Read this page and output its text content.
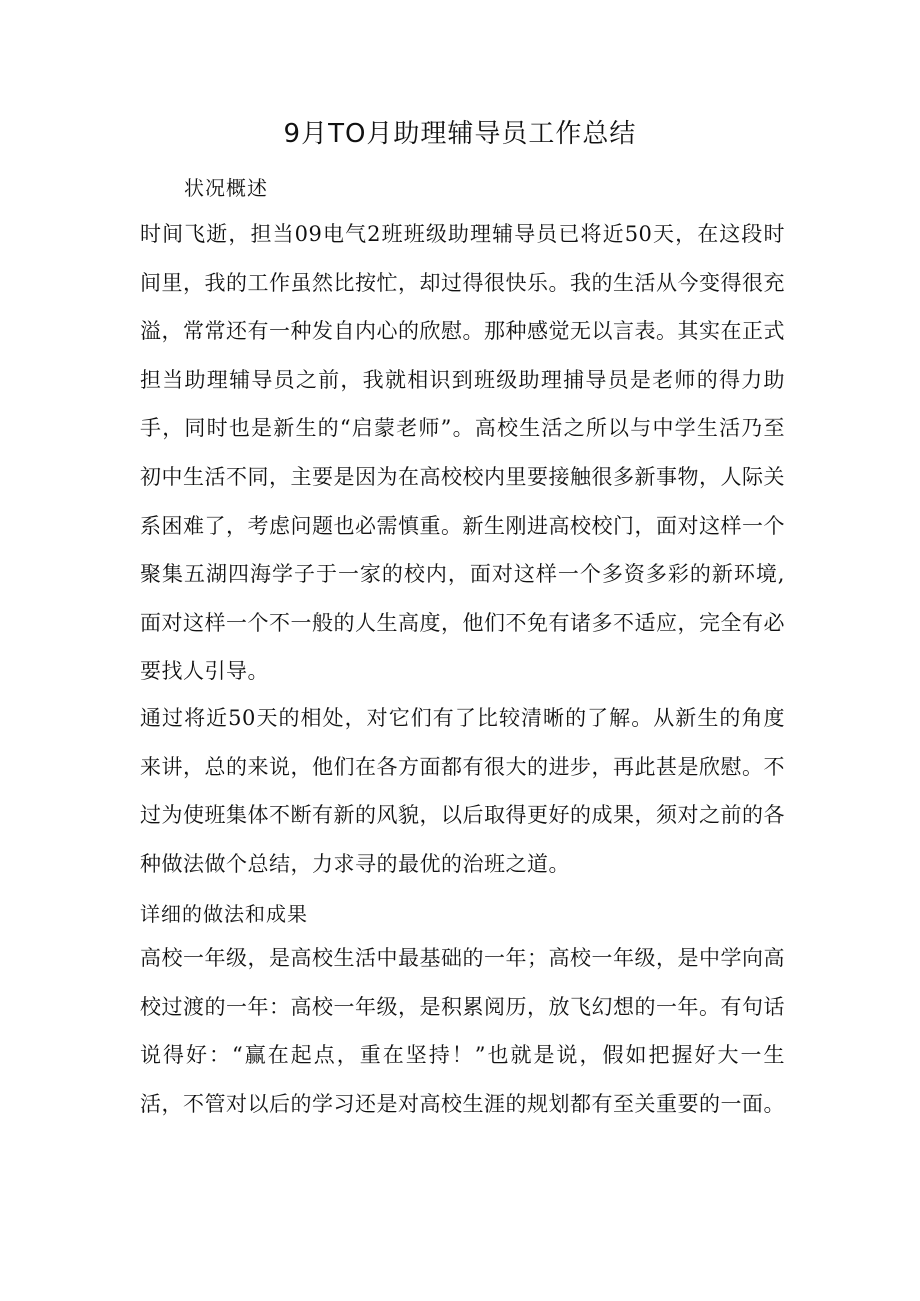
9月TO月助理辅导员工作总结
状况概述

时间飞逝，担当09电气2班班级助理辅导员已将近50天，在这段时间里，我的工作虽然比按忙，却过得很快乐。我的生活从今变得很充溢，常常还有一种发自内心的欣慰。那种感觉无以言表。其实在正式担当助理辅导员之前，我就相识到班级助理捕导员是老师的得力助手，同时也是新生的“启蒙老师”。高校生活之所以与中学生活乃至初中生活不同，主要是因为在高校校内里要接触很多新事物，人际关系困难了，考虑问题也必需慎重。新生刚进高校校门，面对这样一个聚集五湖四海学子于一家的校内，面对这样一个多资多彩的新环境,面对这样一个不一般的人生高度，他们不免有诸多不适应，完全有必要找人引导。

通过将近50天的相处，对它们有了比较清晰的了解。从新生的角度来讲，总的来说，他们在各方面都有很大的进步，再此甚是欣慰。不过为使班集体不断有新的风貌，以后取得更好的成果，须对之前的各种做法做个总结，力求寻的最优的治班之道。

详细的做法和成果

高校一年级，是高校生活中最基础的一年；高校一年级，是中学向高校过渡的一年：高校一年级，是积累阅历，放飞幻想的一年。有句话说得好：“赢在起点，重在坚持！”也就是说，假如把握好大一生活，不管对以后的学习还是对高校生涯的规划都有至关重要的一面。
